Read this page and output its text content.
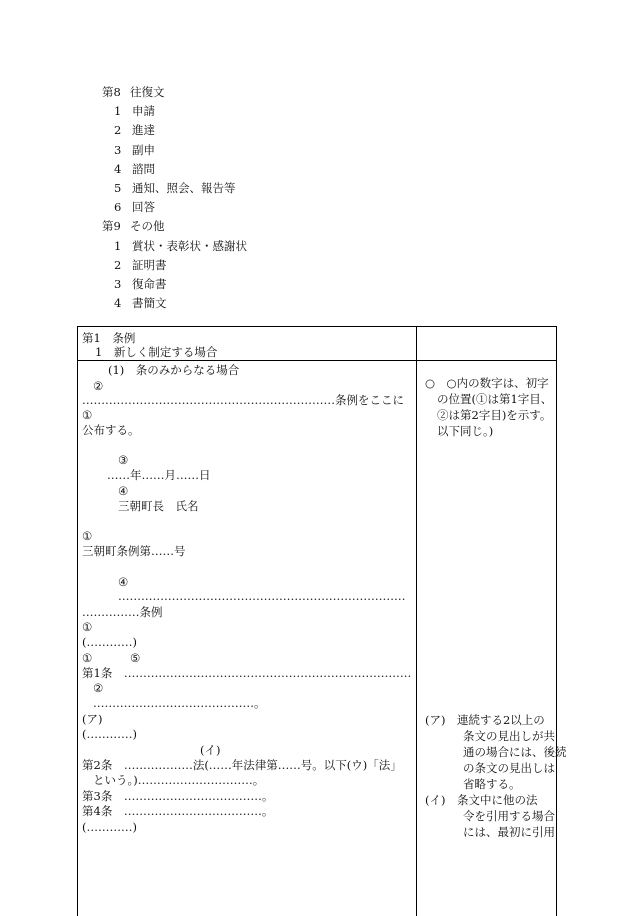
第8 往復文
1 申請
2 進達
3 副申
4 諮問
5 通知、照会、報告等
6 回答
第9 その他
1 賞状・表彰状・感謝状
2 証明書
3 復命書
4 書簡文
第1　条例
1　新しく制定する場合
(1)　条のみからなる場合
②
…………………………………………………………条例をここに
①
公布する。
③
……年……月……日
④
三朝町長　氏名
①
三朝町条例第……号
④
…………………………………………………………………
……………条例
①
(…………)
①	⑤
第1条　…………………………………………………………………
②
……………………………………。
(ア)
(…………)
(イ)
第2条　………………法(……年法律第……号。以下(ウ)「法」
という。)…………………………。
第3条　………………………………。
第4条　………………………………。
(…………)
○　○内の数字は、初字
の位置(①は第1字目、
②は第2字目)を示す。
以下同じ。)
(ア)　連続する2以上の
条文の見出しが共
通の場合には、後続
の条文の見出しは
省略する。
(イ)　条文中に他の法
令を引用する場合
には、最初に引用
